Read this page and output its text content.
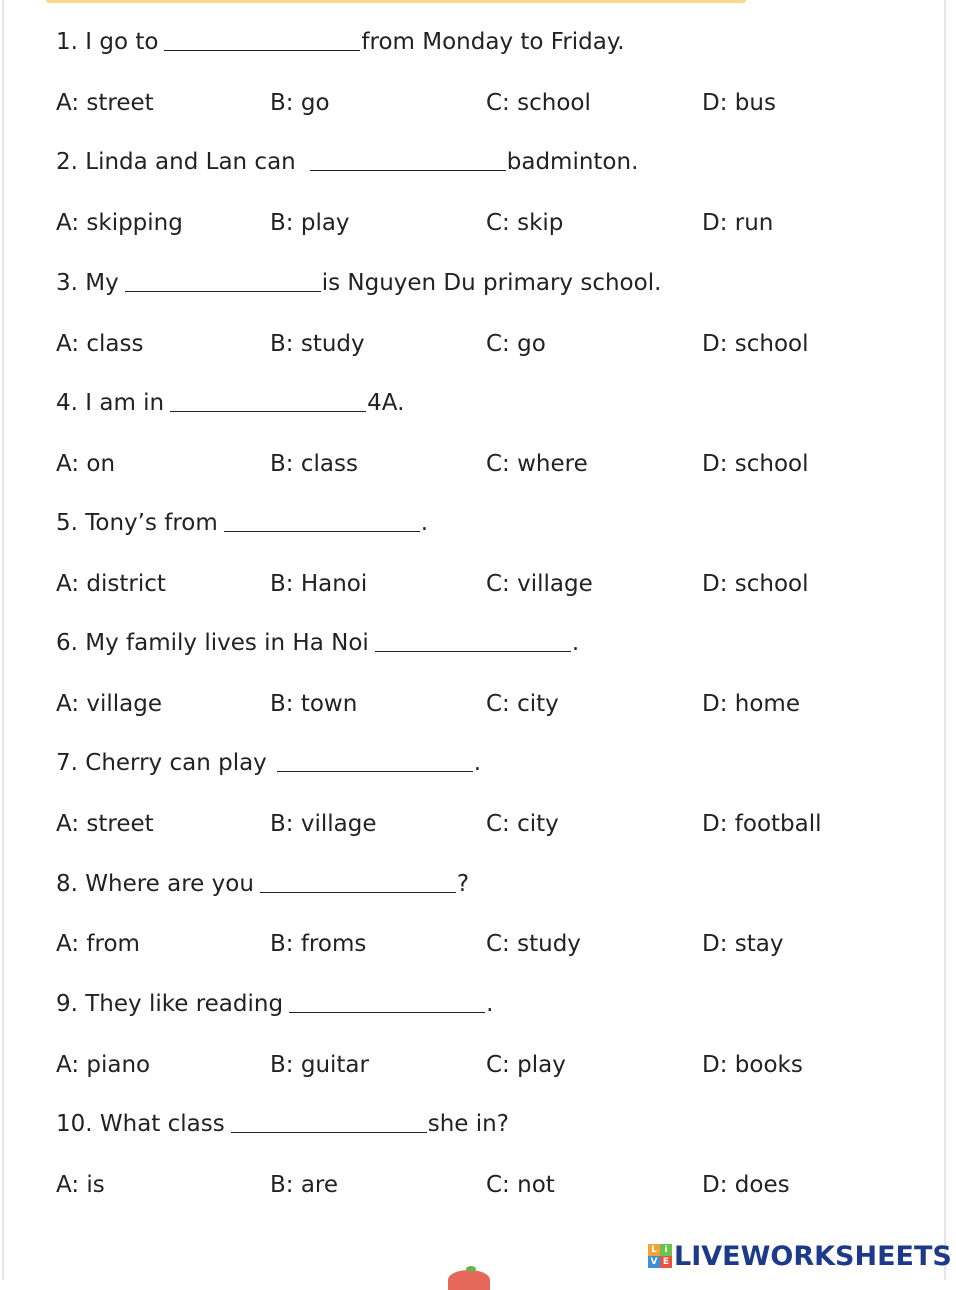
1. I go to	from Monday to Friday.
A: street	B: go	C: school	D: bus
2. Linda and Lan can	badminton.
A: skipping	B: play	C: skip	D: run
3. My	is Nguyen Du primary school.
A: class	B: study	C: go	D: school
4. I am in	4A.
A: on	B: class	C: where	D: school
5. Tony’s from	.
A: district	B: Hanoi	C: village	D: school
6. My family lives in Ha Noi	.
A: village	B: town	C: city	D: home
7. Cherry can play	.
A: street	B: village	C: city	D: football
8. Where are you	?
A: from	B: froms	C: study	D: stay
9. They like reading	.
A: piano	B: guitar	C: play	D: books
10. What class	she in?
A: is	B: are	C: not	D: does
L i
V E LIVEWORKSHEETS
